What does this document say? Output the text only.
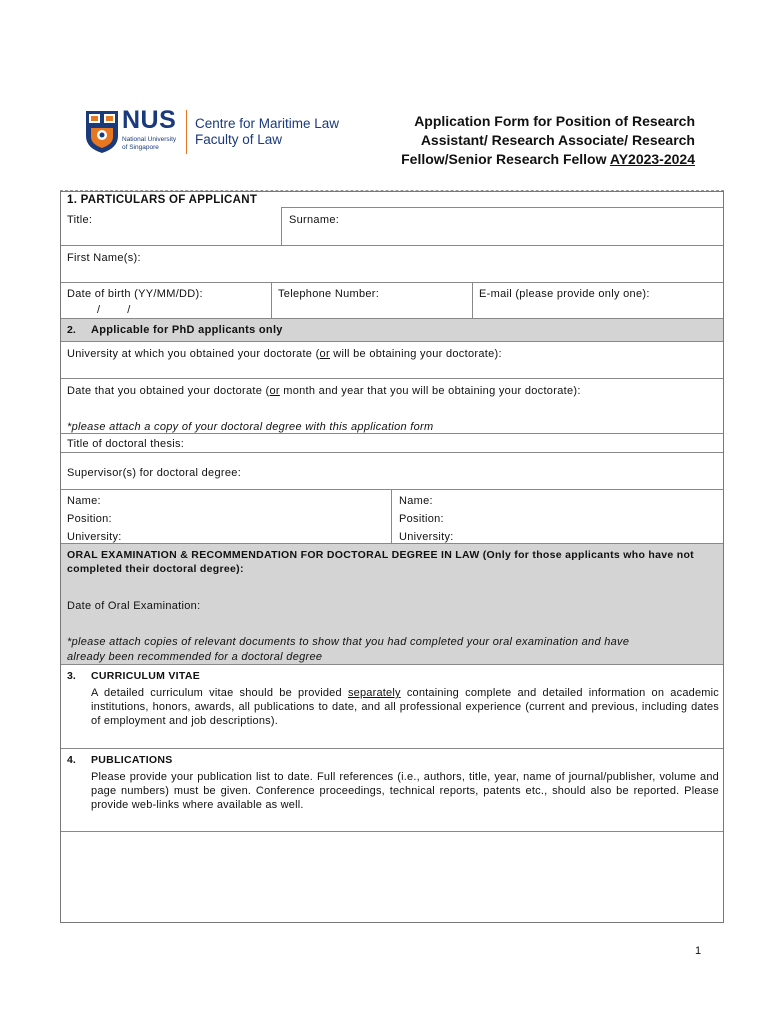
NUS
National University of Singapore
Centre for Maritime Law
Faculty of Law
Application Form for Position of Research
Assistant/ Research Associate/ Research
Fellow/Senior Research Fellow AY2023-2024
1. PARTICULARS OF APPLICANT
Surname:
Title:
First Name(s):
Date of birth (YY/MM/DD):
/        /
Telephone Number:	E-mail (please provide only one):
2. Applicable for PhD applicants only
University at which you obtained your doctorate (or will be obtaining your doctorate):
Date that you obtained your doctorate (or month and year that you will be obtaining your doctorate):
*please attach a copy of your doctoral degree with this application form
Title of doctoral thesis:
Supervisor(s) for doctoral degree:
Name:
Position:
University:
Name:
Position:
University:
ORAL EXAMINATION & RECOMMENDATION FOR DOCTORAL DEGREE IN LAW (Only for those applicants who have not
completed their doctoral degree):
Date of Oral Examination:
*please attach copies of relevant documents to show that you had completed your oral examination and have
already been recommended for a doctoral degree
3. CURRICULUM VITAE
A detailed curriculum vitae should be provided separately containing complete and detailed information on academic institutions, honors, awards, all publications to date, and all professional experience (current and previous, including dates of employment and job descriptions).
4. PUBLICATIONS
Please provide your publication list to date. Full references (i.e., authors, title, year, name of journal/publisher, volume and page numbers) must be given. Conference proceedings, technical reports, patents etc., should also be reported. Please provide web-links where available as well.
1
